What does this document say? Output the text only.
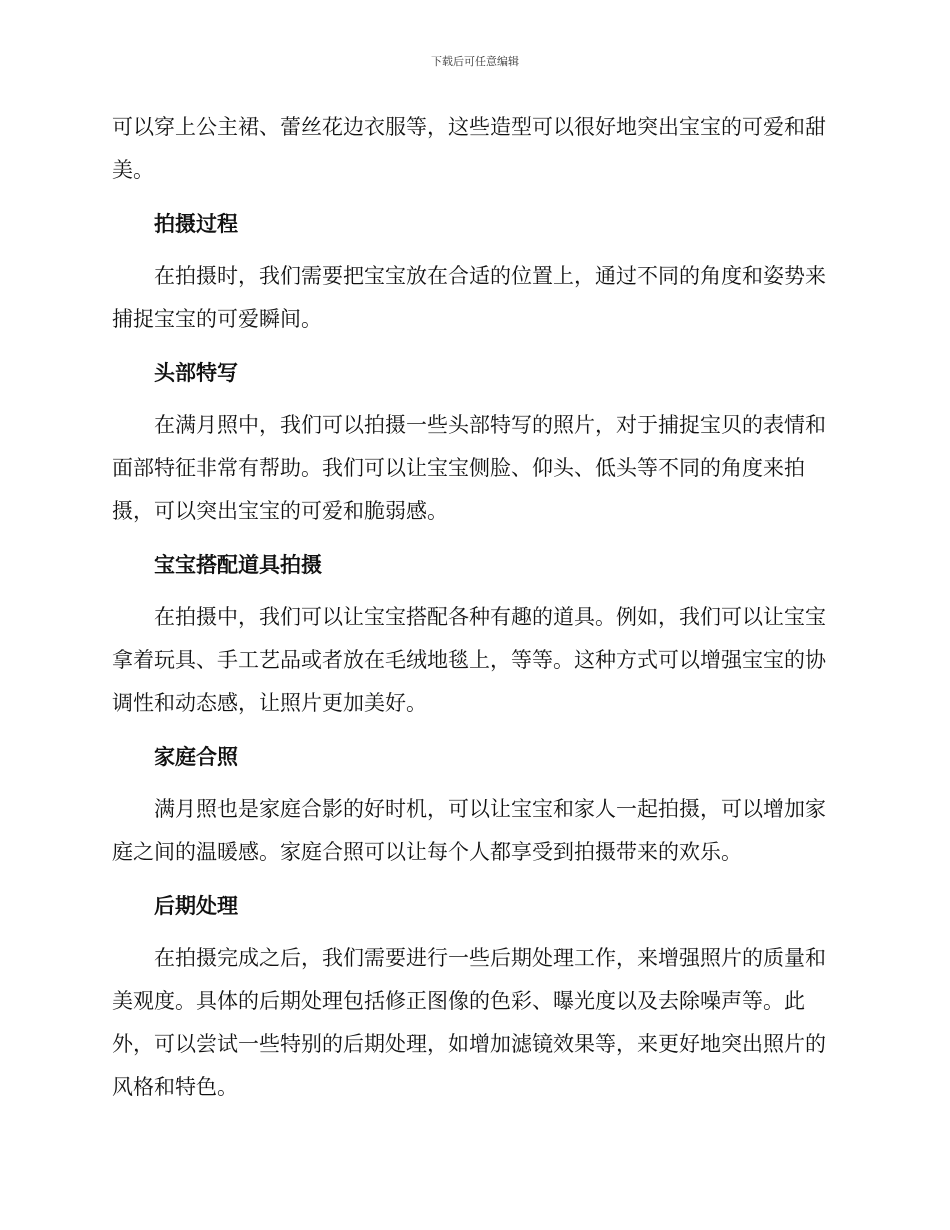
下载后可任意编辑

可以穿上公主裙、蕾丝花边衣服等，这些造型可以很好地突出宝宝的可爱和甜美。

拍摄过程

在拍摄时，我们需要把宝宝放在合适的位置上，通过不同的角度和姿势来捕捉宝宝的可爱瞬间。

头部特写

在满月照中，我们可以拍摄一些头部特写的照片，对于捕捉宝贝的表情和面部特征非常有帮助。我们可以让宝宝侧脸、仰头、低头等不同的角度来拍摄，可以突出宝宝的可爱和脆弱感。

宝宝搭配道具拍摄

在拍摄中，我们可以让宝宝搭配各种有趣的道具。例如，我们可以让宝宝拿着玩具、手工艺品或者放在毛绒地毯上，等等。这种方式可以增强宝宝的协调性和动态感，让照片更加美好。

家庭合照

满月照也是家庭合影的好时机，可以让宝宝和家人一起拍摄，可以增加家庭之间的温暖感。家庭合照可以让每个人都享受到拍摄带来的欢乐。

后期处理

在拍摄完成之后，我们需要进行一些后期处理工作，来增强照片的质量和美观度。具体的后期处理包括修正图像的色彩、曝光度以及去除噪声等。此外，可以尝试一些特别的后期处理，如增加滤镜效果等，来更好地突出照片的风格和特色。
